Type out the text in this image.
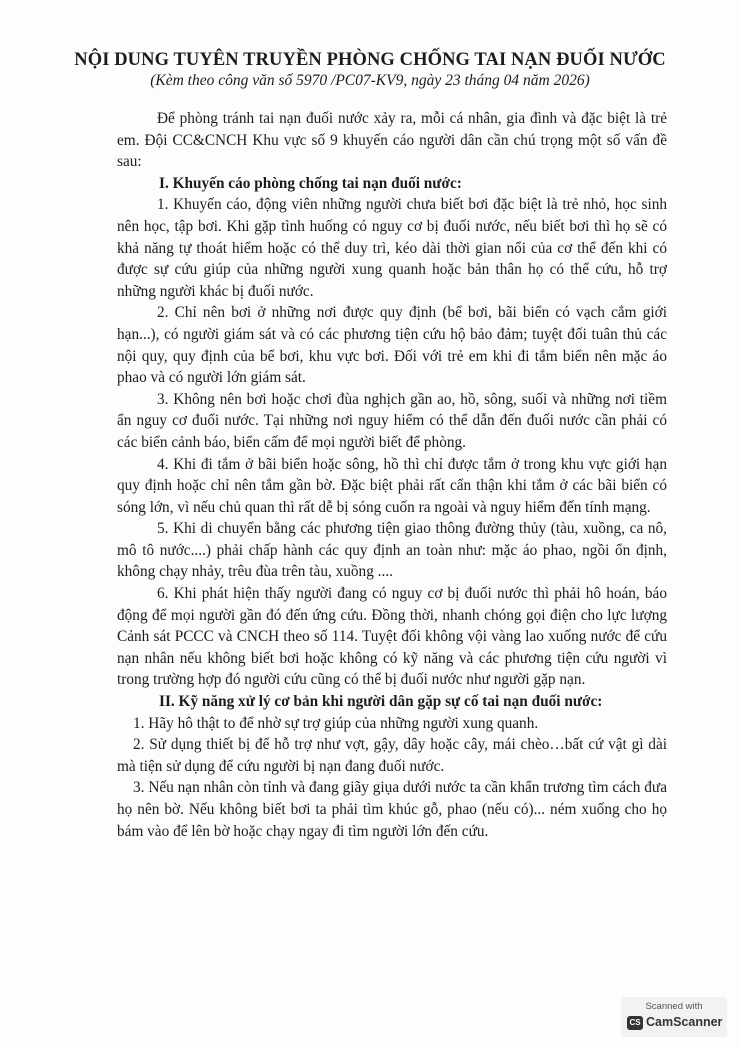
NỘI DUNG TUYÊN TRUYỀN PHÒNG CHỐNG TAI NẠN ĐUỐI NƯỚC
(Kèm theo công văn số 5970 /PC07-KV9, ngày 23 tháng 04 năm 2026)

Để phòng tránh tai nạn đuối nước xảy ra, mỗi cá nhân, gia đình và đặc biệt là trẻ em. Đội CC&CNCH Khu vực số 9 khuyến cáo người dân cần chú trọng một số vấn đề sau:

I. Khuyến cáo phòng chống tai nạn đuối nước:

1. Khuyến cáo, động viên những người chưa biết bơi đặc biệt là trẻ nhỏ, học sinh nên học, tập bơi. Khi gặp tình huống có nguy cơ bị đuối nước, nếu biết bơi thì họ sẽ có khả năng tự thoát hiểm hoặc có thể duy trì, kéo dài thời gian nổi của cơ thể đến khi có được sự cứu giúp của những người xung quanh hoặc bản thân họ có thể cứu, hỗ trợ những người khác bị đuối nước.

2. Chỉ nên bơi ở những nơi được quy định (bể bơi, bãi biển có vạch cắm giới hạn...), có người giám sát và có các phương tiện cứu hộ bảo đảm; tuyệt đối tuân thủ các nội quy, quy định của bể bơi, khu vực bơi. Đối với trẻ em khi đi tắm biển nên mặc áo phao và có người lớn giám sát.

3. Không nên bơi hoặc chơi đùa nghịch gần ao, hồ, sông, suối và những nơi tiềm ẩn nguy cơ đuối nước. Tại những nơi nguy hiểm có thể dẫn đến đuối nước cần phải có các biển cảnh báo, biển cấm để mọi người biết để phòng.

4. Khi đi tắm ở bãi biển hoặc sông, hồ thì chỉ được tắm ở trong khu vực giới hạn quy định hoặc chỉ nên tắm gần bờ. Đặc biệt phải rất cẩn thận khi tắm ở các bãi biển có sóng lớn, vì nếu chủ quan thì rất dễ bị sóng cuốn ra ngoài và nguy hiểm đến tính mạng.

5. Khi di chuyển bằng các phương tiện giao thông đường thủy (tàu, xuồng, ca nô, mô tô nước....) phải chấp hành các quy định an toàn như: mặc áo phao, ngồi ổn định, không chạy nhảy, trêu đùa trên tàu, xuồng ....

6. Khi phát hiện thấy người đang có nguy cơ bị đuối nước thì phải hô hoán, báo động để mọi người gần đó đến ứng cứu. Đồng thời, nhanh chóng gọi điện cho lực lượng Cảnh sát PCCC và CNCH theo số 114. Tuyệt đối không vội vàng lao xuống nước để cứu nạn nhân nếu không biết bơi hoặc không có kỹ năng và các phương tiện cứu người vì trong trường hợp đó người cứu cũng có thể bị đuối nước như người gặp nạn.

II. Kỹ năng xử lý cơ bản khi người dân gặp sự cố tai nạn đuối nước:

1. Hãy hô thật to để nhờ sự trợ giúp của những người xung quanh.

2. Sử dụng thiết bị để hỗ trợ như vợt, gậy, dây hoặc cây, mái chèo…bất cứ vật gì dài mà tiện sử dụng để cứu người bị nạn đang đuối nước.

3. Nếu nạn nhân còn tỉnh và đang giãy giụa dưới nước ta cần khẩn trương tìm cách đưa họ nên bờ. Nếu không biết bơi ta phải tìm khúc gỗ, phao (nếu có)... ném xuống cho họ bám vào để lên bờ hoặc chạy ngay đi tìm người lớn đến cứu.

Scanned with
CS CamScanner
